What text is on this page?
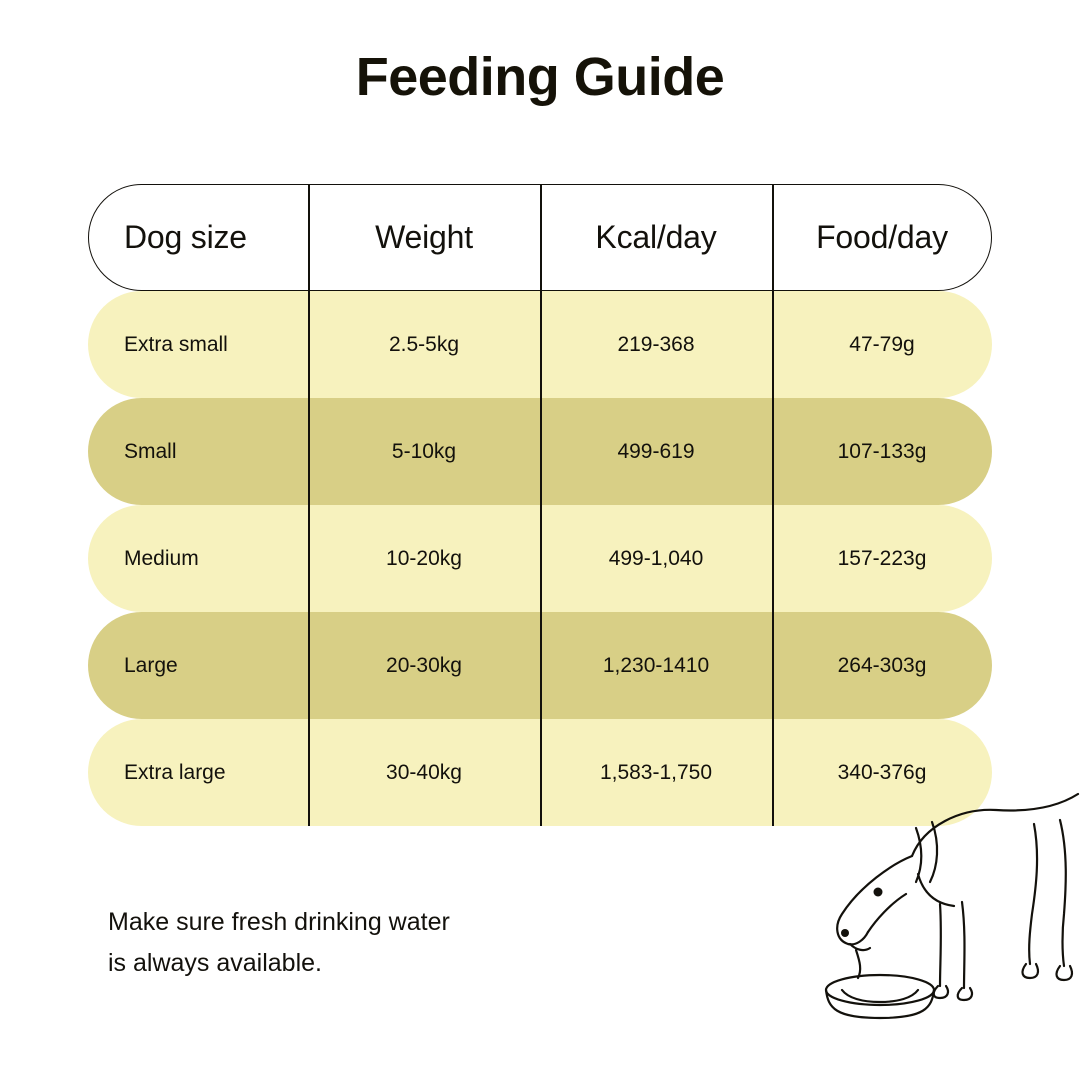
Feeding Guide
Dog size	Weight	Kcal/day	Food/day
Extra small	2.5-5kg	219-368	47-79g
Small	5-10kg	499-619	107-133g
Medium	10-20kg	499-1,040	157-223g
Large	20-30kg	1,230-1410	264-303g
Extra large	30-40kg	1,583-1,750	340-376g
Make sure fresh drinking water
is always available.
